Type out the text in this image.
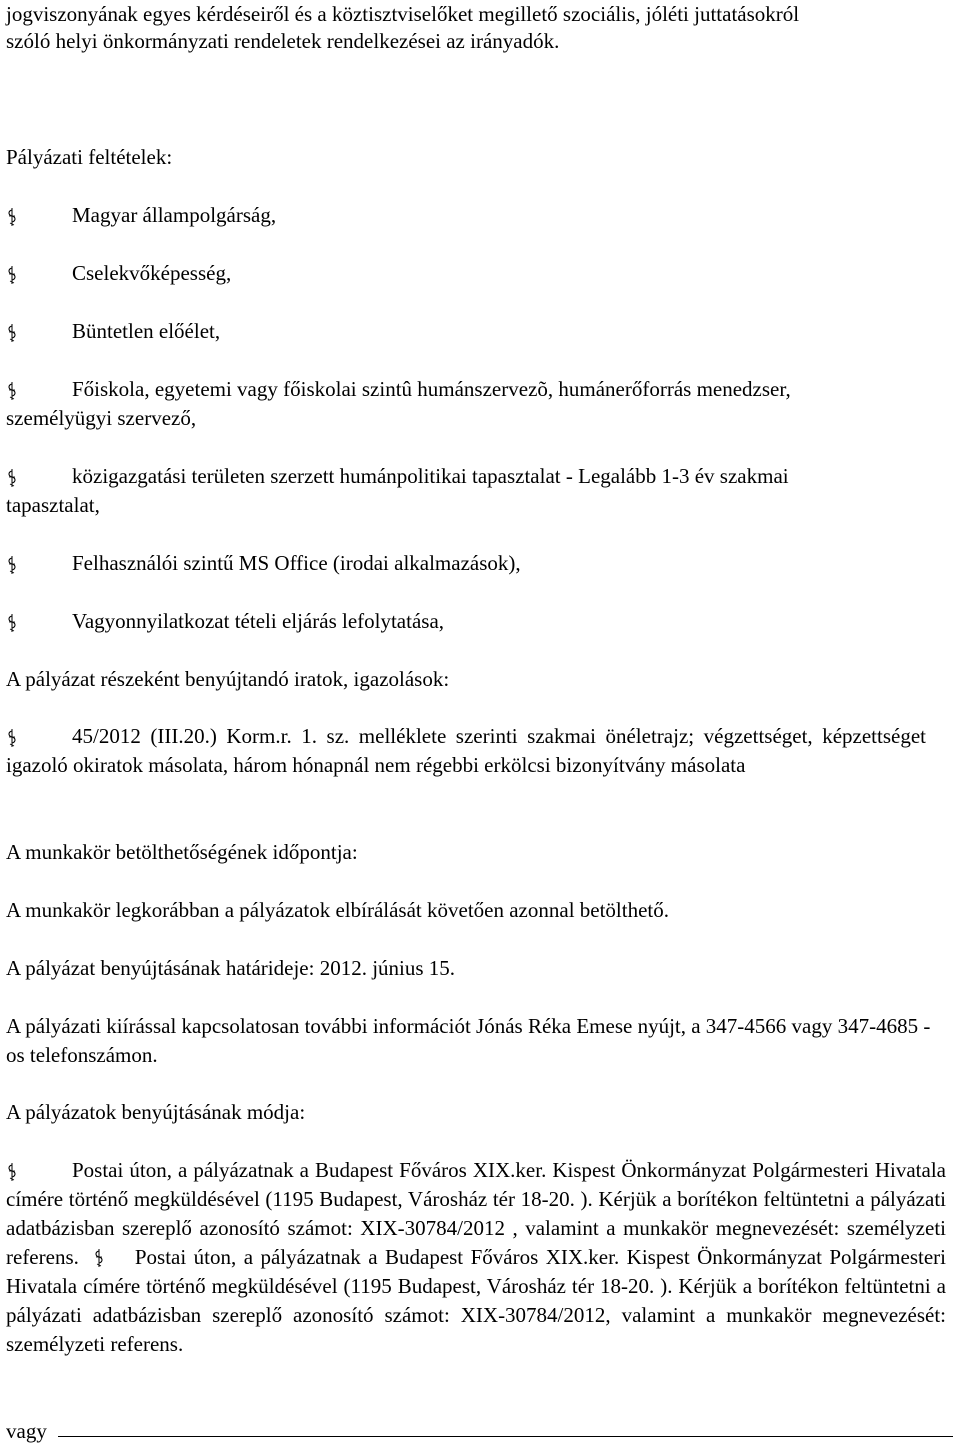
jogviszonyának egyes kérdéseiről és a köztisztviselőket megillető szociális, jóléti juttatásokról
szóló helyi önkormányzati rendeletek rendelkezései az irányadók.
Pályázati feltételek:
Magyar állampolgárság,
Cselekvőképesség,
Büntetlen előélet,
Főiskola, egyetemi vagy főiskolai szintû humánszervezõ, humánerőforrás menedzser,
személyügyi szervező,
közigazgatási területen szerzett humánpolitikai tapasztalat - Legalább 1-3 év szakmai
tapasztalat,
Felhasználói szintű MS Office (irodai alkalmazások),
Vagyonnyilatkozat tételi eljárás lefolytatása,
A pályázat részeként benyújtandó iratok, igazolások:
45/2012 (III.20.) Korm.r. 1. sz. melléklete szerinti szakmai önéletrajz; végzettséget, képzettséget igazoló okiratok másolata, három hónapnál nem régebbi erkölcsi bizonyítvány másolata
A munkakör betölthetőségének időpontja:
A munkakör legkorábban a pályázatok elbírálását követően azonnal betölthető.
A pályázat benyújtásának határideje: 2012. június 15.
A pályázati kiírással kapcsolatosan további információt Jónás Réka Emese nyújt, a 347-4566 vagy 347-4685 -os telefonszámon.
A pályázatok benyújtásának módja:
Postai úton, a pályázatnak a Budapest Főváros XIX.ker. Kispest Önkormányzat Polgármesteri Hivatala címére történő megküldésével (1195 Budapest, Városház tér 18-20. ). Kérjük a borítékon feltüntetni a pályázati adatbázisban szereplő azonosító számot: XIX-30784/2012 , valamint a munkakör megnevezését: személyzeti referens.	Postai úton, a pályázatnak a Budapest Főváros XIX.ker. Kispest Önkormányzat Polgármesteri Hivatala címére történő megküldésével (1195 Budapest, Városház tér 18-20. ). Kérjük a borítékon feltüntetni a pályázati adatbázisban szereplő azonosító számot: XIX-30784/2012, valamint a munkakör megnevezését: személyzeti referens.
vagy
